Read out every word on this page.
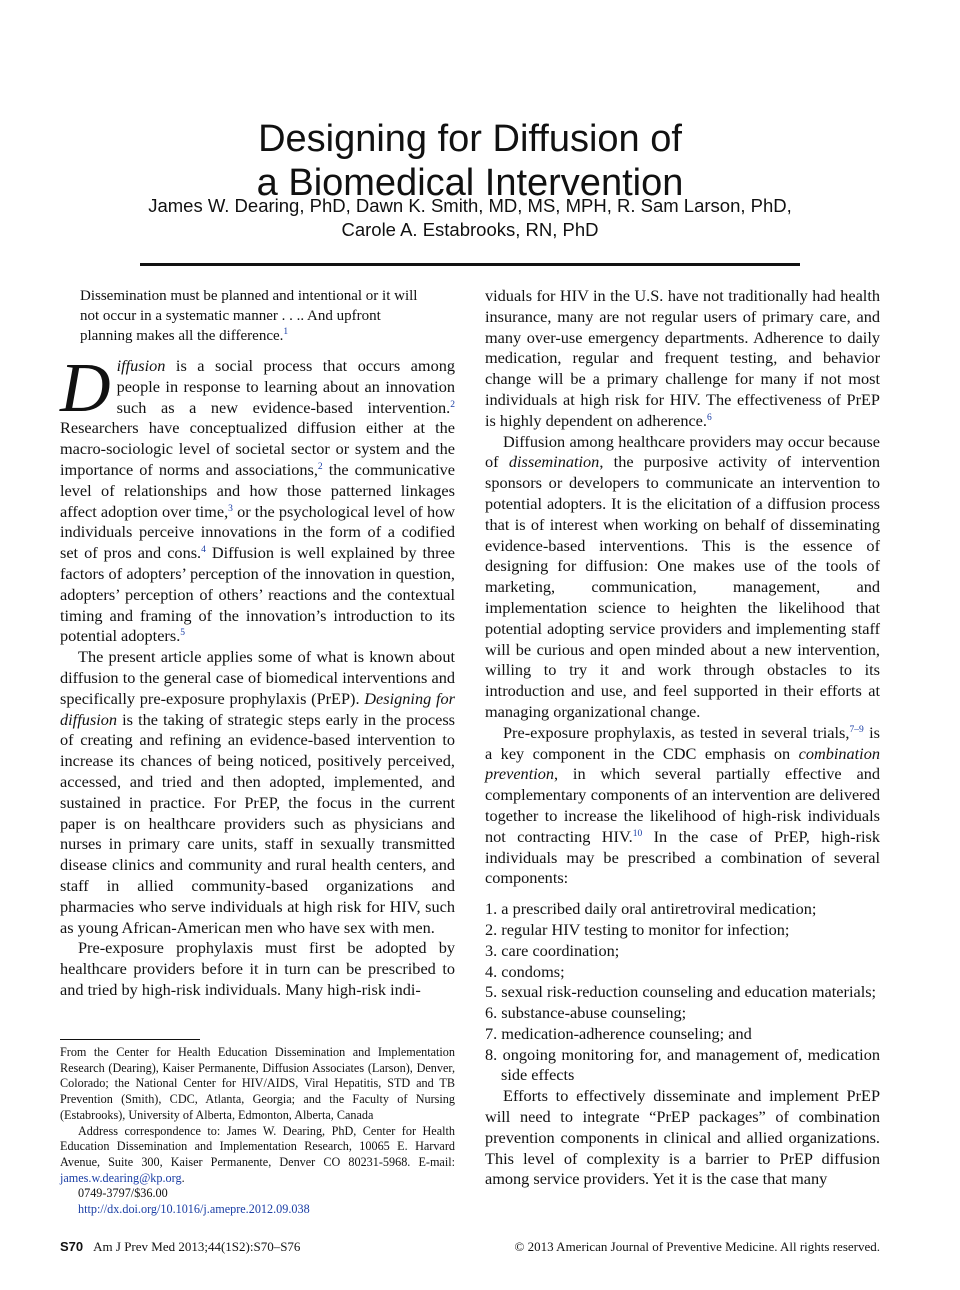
Designing for Diffusion of
a Biomedical Intervention
James W. Dearing, PhD, Dawn K. Smith, MD, MS, MPH, R. Sam Larson, PhD,
Carole A. Estabrooks, RN, PhD

Dissemination must be planned and intentional or it will not occur in a systematic manner . . .. And upfront planning makes all the difference.$^1$

Diffusion is a social process that occurs among people in response to learning about an innovation such as a new evidence-based intervention.$^2$ Researchers have conceptualized diffusion either at the macro-sociologic level of societal sector or system and the importance of norms and associations,$^2$ the communicative level of relationships and how those patterned linkages affect adoption over time,$^3$ or the psychological level of how individuals perceive innovations in the form of a codified set of pros and cons.$^4$ Diffusion is well explained by three factors of adopters’ perception of the innovation in question, adopters’ perception of others’ reactions and the contextual timing and framing of the innovation’s introduction to its potential adopters.$^5$

The present article applies some of what is known about diffusion to the general case of biomedical interventions and specifically pre-exposure prophylaxis (PrEP). Designing for diffusion is the taking of strategic steps early in the process of creating and refining an evidence-based intervention to increase its chances of being noticed, positively perceived, accessed, and tried and then adopted, implemented, and sustained in practice. For PrEP, the focus in the current paper is on healthcare providers such as physicians and nurses in primary care units, staff in sexually transmitted disease clinics and community and rural health centers, and staff in allied community-based organizations and pharmacies who serve individuals at high risk for HIV, such as young African-American men who have sex with men.

Pre-exposure prophylaxis must first be adopted by healthcare providers before it in turn can be prescribed to and tried by high-risk individuals. Many high-risk indi-

viduals for HIV in the U.S. have not traditionally had health insurance, many are not regular users of primary care, and many over-use emergency departments. Adherence to daily medication, regular and frequent testing, and behavior change will be a primary challenge for many if not most individuals at high risk for HIV. The effectiveness of PrEP is highly dependent on adherence.$^6$

Diffusion among healthcare providers may occur because of dissemination, the purposive activity of intervention sponsors or developers to communicate an intervention to potential adopters. It is the elicitation of a diffusion process that is of interest when working on behalf of disseminating evidence-based interventions. This is the essence of designing for diffusion: One makes use of the tools of marketing, communication, management, and implementation science to heighten the likelihood that potential adopting service providers and implementing staff will be curious and open minded about a new intervention, willing to try it and work through obstacles to its introduction and use, and feel supported in their efforts at managing organizational change.

Pre-exposure prophylaxis, as tested in several trials,$^{7-9}$ is a key component in the CDC emphasis on combination prevention, in which several partially effective and complementary components of an intervention are delivered together to increase the likelihood of high-risk individuals not contracting HIV.$^{10}$ In the case of PrEP, high-risk individuals may be prescribed a combination of several components:

1. a prescribed daily oral antiretroviral medication;
2. regular HIV testing to monitor for infection;
3. care coordination;
4. condoms;
5. sexual risk-reduction counseling and education materials;
6. substance-abuse counseling;
7. medication-adherence counseling; and
8. ongoing monitoring for, and management of, medication side effects

Efforts to effectively disseminate and implement PrEP will need to integrate “PrEP packages” of combination prevention components in clinical and allied organizations. This level of complexity is a barrier to PrEP diffusion among service providers. Yet it is the case that many

From the Center for Health Education Dissemination and Implementation Research (Dearing), Kaiser Permanente, Diffusion Associates (Larson), Denver, Colorado; the National Center for HIV/AIDS, Viral Hepatitis, STD and TB Prevention (Smith), CDC, Atlanta, Georgia; and the Faculty of Nursing (Estabrooks), University of Alberta, Edmonton, Alberta, Canada
Address correspondence to: James W. Dearing, PhD, Center for Health Education Dissemination and Implementation Research, 10065 E. Harvard Avenue, Suite 300, Kaiser Permanente, Denver CO 80231-5968. E-mail: james.w.dearing@kp.org.
0749-3797/$36.00
http://dx.doi.org/10.1016/j.amepre.2012.09.038
S70 Am J Prev Med 2013;44(1S2):S70–S76	© 2013 American Journal of Preventive Medicine. All rights reserved.
